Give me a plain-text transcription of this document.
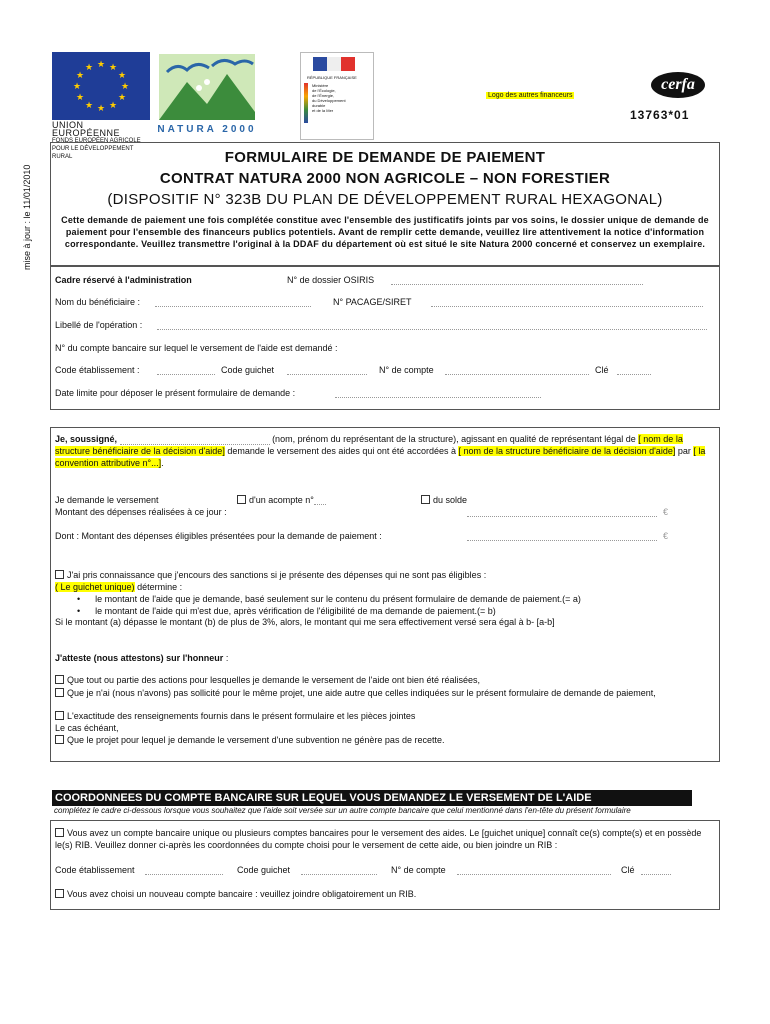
mise à jour : le 11/01/2010
★ ★
★
★
★
★
★
★
★
★
★
★
UNION EUROPÉENNE
FONDS EUROPÉEN AGRICOLE
POUR LE DÉVELOPPEMENT RURAL
NATURA 2000
RÉPUBLIQUE FRANÇAISE
Ministère
de l'Écologie,
de l'Énergie,
du Développement
durable
et de la Mer
Logo des autres financeurs
cerfa
13763*01
FORMULAIRE DE DEMANDE DE PAIEMENT
CONTRAT NATURA 2000 NON AGRICOLE – NON FORESTIER
(DISPOSITIF N° 323B DU PLAN DE DÉVELOPPEMENT RURAL HEXAGONAL)
Cette demande de paiement une fois complétée constitue avec l'ensemble des justificatifs joints par vos soins, le dossier unique de demande de paiement pour l'ensemble des financeurs publics potentiels. Avant de remplir cette demande, veuillez lire attentivement la notice d'information correspondante. Veuillez transmettre l'original à la DDAF du département où est situé le site Natura 2000 concerné et conservez un exemplaire.
Cadre réservé à l'administration	N° de dossier OSIRIS
Nom du bénéficiaire :	N° PACAGE/SIRET
Libellé de l'opération :
N° du compte bancaire sur lequel le versement de l'aide est demandé :
Code établissement :	Code guichet	N° de compte	Clé
Date limite pour déposer le présent formulaire de demande :
Je, soussigné,	(nom, prénom du représentant de la structure), agissant en qualité de représentant légal de [ nom de la structure bénéficiaire de la décision d'aide] demande le versement des aides qui ont été accordées à [ nom de la structure bénéficiaire de la décision d'aide] par [ la convention attributive n°...].
Je demande le versement	d'un acompte n°	du solde
Montant des dépenses réalisées à ce jour :	€
Dont : Montant des dépenses éligibles présentées pour la demande de paiement :	€
J'ai pris connaissance que j'encours des sanctions si je présente des dépenses qui ne sont pas éligibles :
( Le guichet unique) détermine :
•      le montant de l'aide que je demande, basé seulement sur le contenu du présent formulaire de demande de paiement.(= a)
•      le montant de l'aide qui m'est due, après vérification de l'éligibilité de ma demande de paiement.(= b)
Si le montant (a) dépasse le montant (b) de plus de 3%, alors, le montant qui me sera effectivement versé sera égal à b- [a-b]
J'atteste (nous attestons) sur l'honneur :
Que tout ou partie des actions pour lesquelles je demande le versement de l'aide ont bien été réalisées,
Que je n'ai (nous n'avons) pas sollicité pour le même projet, une aide autre que celles indiquées sur le présent formulaire de demande de paiement,
L'exactitude des renseignements fournis dans le présent formulaire et les pièces jointes
Le cas échéant,
Que le projet pour lequel je demande le versement d'une subvention ne génère pas de recette.
COORDONNEES DU COMPTE BANCAIRE SUR LEQUEL VOUS DEMANDEZ LE VERSEMENT DE L'AIDE
complétez le cadre ci-dessous lorsque vous souhaitez que l'aide soit versée sur un autre compte bancaire que celui mentionné dans l'en-tête du présent formulaire
Vous avez un compte bancaire unique ou plusieurs comptes bancaires pour le versement des aides. Le [guichet unique] connaît ce(s) compte(s) et en possède le(s) RIB. Veuillez donner ci-après les coordonnées du compte choisi pour le versement de cette aide, ou bien joindre un RIB :
Code établissement	Code guichet	N° de compte	Clé
Vous avez choisi un nouveau compte bancaire : veuillez joindre obligatoirement un RIB.
